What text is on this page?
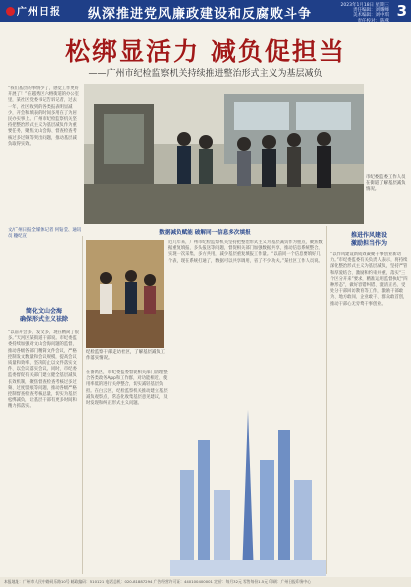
广州日报 纵深推进党风廉政建设和反腐败斗争
2023年1月18日 星期三
责任编辑：刘耀峰
美术编辑：刘中琪
责任校对：陈燕
3
松绑显活力 减负促担当
——广州市纪检监察机关持续推进整治形式主义为基层减负
“我们基层的事情少了，感觉工作更好开展了！”在越秀区六榕街道的办公室里，某社区党委书记告诉记者，过去一年，社区收到的各类报表明显减少，开会和填表的时间多用在了为居民办实事上。广州市纪检监察机关坚持把整治形式主义为基层减负作为重要任务，聚焦文山会海、督查检查考核过多过频等突出问题，推动基层减负取得实效。
文/广州日报全媒体记者 何钻莹、通讯员 穗纪宣
市纪委监委工作人员在街道了解基层减负情况。
简化文山会海
确保形式主义祛除
“以前开会多、发文多，现在精简了很多。”天河区某街道干部说。市纪委监委持续加强对文山会海问题的监督，推动各级各部门精简文件会议，严格控制发文数量和会议规模，提高会议质量和效率，坚决防止以文件落实文件、以会议落实会议。同时，市纪委监委督促有关部门建立健全基层减负长效机制，聚焦督查检查考核过多过频、过度留痕等问题，推动各级严格控制督查检查考核总量，切实为基层松绑减负，让基层干部有更多时间和精力抓落实。
数据减负赋能 破解同一信息多次填报
纪检监察干部走访社区，了解基层减负工作落实情况。
近几年来，广州市纪检监察机关坚持把整治形式主义为基层减负作为重点，聚焦数据重复填报、多头报送等问题，督促相关部门加强数据共享，推动信息系统整合，实现一次采集、多方共用，减少基层重复填报工作量。“以前同一个信息要填好几个表，现在系统打通了，数据可以共享调用，省了不少功夫。”某社区工作人员说。
在番禺区，市纪委监委督促相关部门清理整合各类政务App和工作群，对功能相近、使用率低的进行关停整合，切实减轻基层负担。在白云区，纪检监察机关推动建立基层减负观察点，常态化收集基层意见建议，及时发现和纠正形式主义问题。
推进作风建设
激励担当作为
“以作风建设新成效凝聚干事创业新动力。”市纪委监委有关负责人表示，将持续深化整治形式主义为基层减负，坚持严管和厚爱结合、激励和约束并重，落实“三个区分开来”要求，精准运用监督执纪“四种形态”，做好容错纠错、澄清正名、受处分干部回访教育等工作，激励干部敢为、地方敢闯、企业敢干、群众敢首创，推动干部心无旁骛干事创业。
本报地址：广州市人民中路同乐路10号 邮政编码：510121 电话总机：020-81887294 广告经营许可证：440100400001 定价：每月32元 零售每份1.5元 印刷：广州日报印务中心
